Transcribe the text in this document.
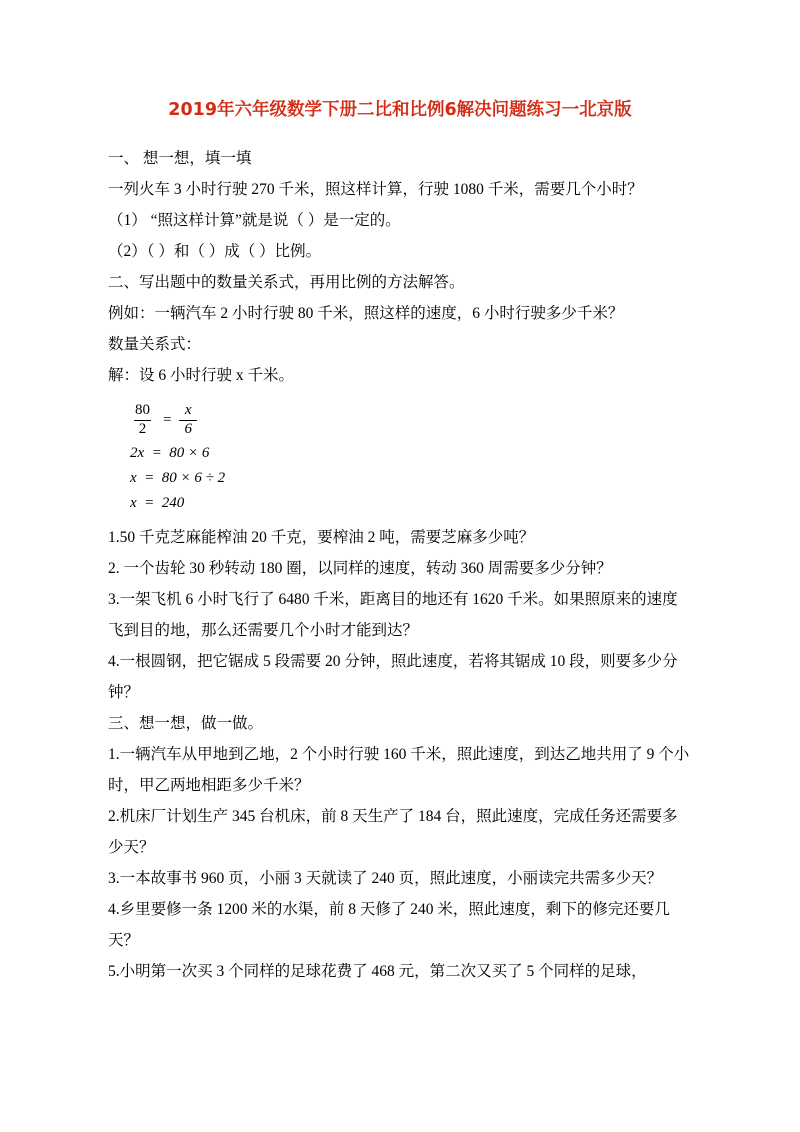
2019年六年级数学下册二比和比例6解决问题练习一北京版

一、 想一想，填一填

一列火车 3 小时行驶 270 千米，照这样计算，行驶 1080 千米，需要几个小时？

（1） “照这样计算”就是说（ ）是一定的。

（2）（ ）和（ ）成（ ）比例。

二、写出题中的数量关系式，再用比例的方法解答。

例如：一辆汽车 2 小时行驶 80 千米，照这样的速度，6 小时行驶多少千米？

数量关系式：

解：设 6 小时行驶 x 千米。

$\frac{80}{2} = \frac{x}{6}$
2x  =  80 × 6
x  =  80 × 6 ÷ 2
x  =  240

1.50 千克芝麻能榨油 20 千克，要榨油 2 吨，需要芝麻多少吨？

2. 一个齿轮 30 秒转动 180 圈，以同样的速度，转动 360 周需要多少分钟？

3.一架飞机 6 小时飞行了 6480 千米，距离目的地还有 1620 千米。如果照原来的速度飞到目的地，那么还需要几个小时才能到达？

4.一根圆钢，把它锯成 5 段需要 20 分钟，照此速度，若将其锯成 10 段，则要多少分钟？

三、想一想，做一做。

1.一辆汽车从甲地到乙地，2 个小时行驶 160 千米，照此速度，到达乙地共用了 9 个小时，甲乙两地相距多少千米？

2.机床厂计划生产 345 台机床，前 8 天生产了 184 台，照此速度，完成任务还需要多少天？

3.一本故事书 960 页，小丽 3 天就读了 240 页，照此速度，小丽读完共需多少天？

4.乡里要修一条 1200 米的水渠，前 8 天修了 240 米，照此速度，剩下的修完还要几天？

5.小明第一次买 3 个同样的足球花费了 468 元，第二次又买了 5 个同样的足球，
